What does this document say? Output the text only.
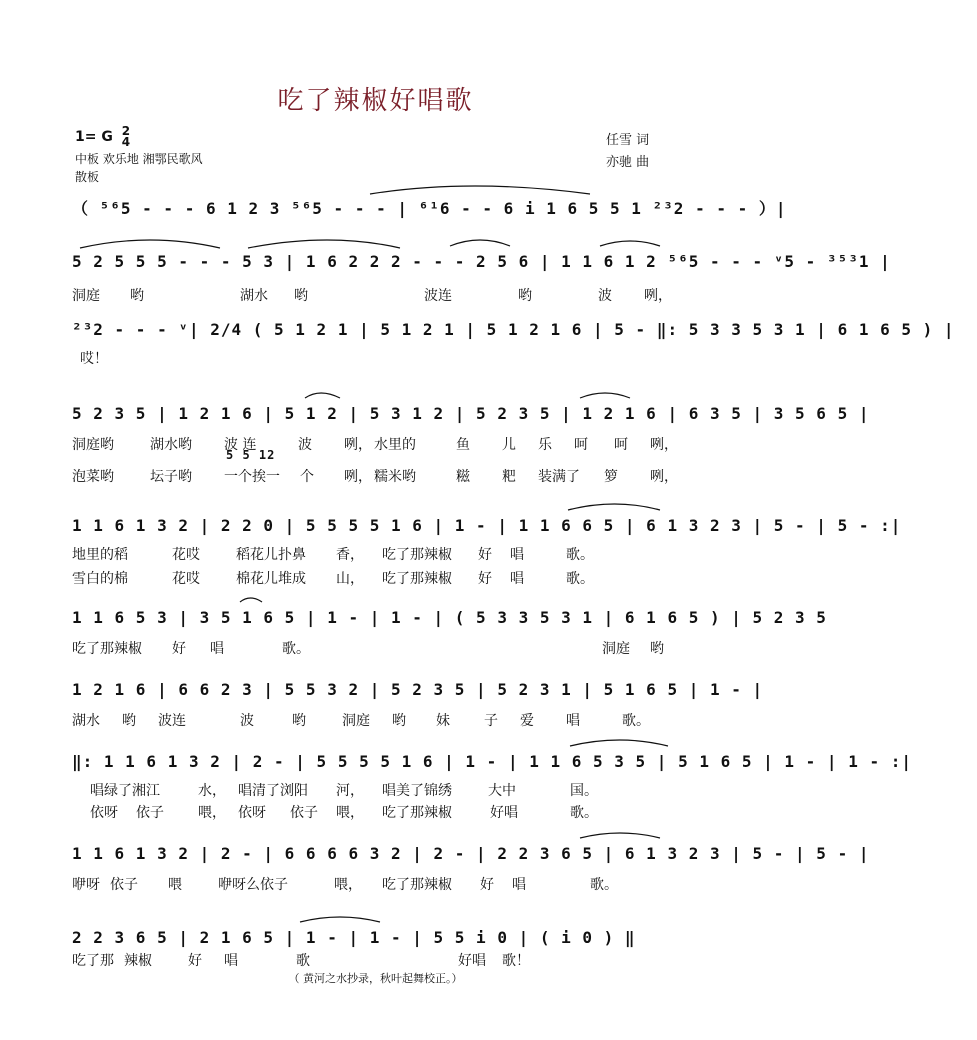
吃了辣椒好唱歌
1= G 2
4
中板 欢乐地 湘鄂民歌风
散板
任雪 词
亦驰 曲
（ ⁵⁶5 - - - 6 1 2 3 ⁵⁶5 - - - | ⁶¹6 - - 6 i 1 6 5 5 1 ²³2 - - - ）|
5 2 5 5 5 - - - 5 3 | 1 6 2 2 2 - - - 2 5 6 | 1 1 6 1 2 ⁵⁶5 - - - ᵛ5 - ³⁵³1 |
洞庭 哟	湖水 哟	波连	哟	波 咧，
²³2 - - - ᵛ| 2/4 ( 5 1 2 1 | 5 1 2 1 | 5 1 2 1 6 | 5 - ‖: 5 3 3 5 3 1 | 6 1 6 5 ) |
哎！
5 2 3 5 | 1 2 1 6 | 5 1 2 | 5 3 1 2 | 5 2 3 5 | 1 2 1 6 | 6 3 5 | 3 5 6 5 |
洞庭哟	湖水哟 波 连	波 咧， 水里的	鱼 儿 乐 呵 呵 咧，
5 5 12
泡菜哟	坛子哟 一个挨一 个 咧， 糯米哟	糍 粑 装满了 箩 咧，
1 1 6 1 3 2 | 2 2 0 | 5 5 5 5 1 6 | 1 - | 1 1 6 6 5 | 6 1 3 2 3 | 5 - | 5 - :|
地里的稻	花哎	稻花儿扑鼻 香， 吃了那辣椒 好 唱	歌。
雪白的棉	花哎	棉花儿堆成 山， 吃了那辣椒 好 唱	歌。
1 1 6 5 3 | 3 5 1 6 5 | 1 - | 1 - | ( 5 3 3 5 3 1 | 6 1 6 5 ) | 5 2 3 5
吃了那辣椒 好 唱	歌。	洞庭 哟
1 2 1 6 | 6 6 2 3 | 5 5 3 2 | 5 2 3 5 | 5 2 3 1 | 5 1 6 5 | 1 - |
湖水 哟 波连	波	哟	洞庭 哟 妹 子 爱 唱	歌。
‖: 1 1 6 1 3 2 | 2 - | 5 5 5 5 1 6 | 1 - | 1 1 6 5 3 5 | 5 1 6 5 | 1 - | 1 - :|
唱绿了湘江	水， 唱清了浏阳 河， 唱美了锦绣	大中	国。
依呀 依子 喂， 依呀 依子 喂， 吃了那辣椒	好唱	歌。
1 1 6 1 3 2 | 2 - | 6 6 6 6 3 2 | 2 - | 2 2 3 6 5 | 6 1 3 2 3 | 5 - | 5 - |
咿呀 依子 喂	咿呀么依子	喂， 吃了那辣椒 好 唱	歌。
2 2 3 6 5 | 2 1 6 5 | 1 - | 1 - | 5 5 i 0 | ( i 0 ) ‖
吃了那 辣椒	好 唱	歌	好唱 歌！
（ 黄河之水抄录，秋叶起舞校正。）
